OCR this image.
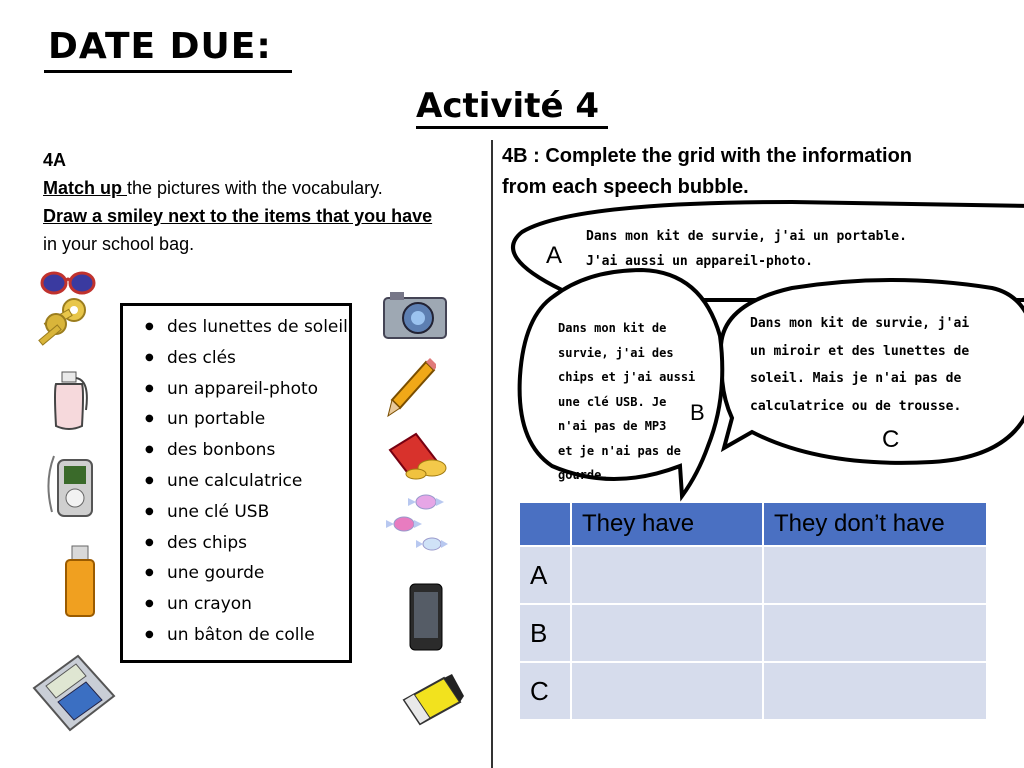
DATE DUE:
Activité 4
4A
Match up the pictures with the vocabulary.
Draw a smiley next to the items that you have
in your school bag.
● des lunettes de soleil
● des clés
● un appareil-photo
● un portable
● des bonbons
● une calculatrice
● une clé USB
● des chips
● une gourde
● un crayon
● un bâton de colle
4B : Complete the grid with the information
from each speech bubble.
A
Dans mon kit de survie, j'ai un portable.
J'ai aussi un appareil-photo.
Dans mon kit de
survie, j'ai des
chips et j'ai aussi
une clé USB. Je
n'ai pas de MP3
et je n'ai pas de
gourde.
B
Dans mon kit de survie, j'ai
un miroir et des lunettes de
soleil. Mais je n'ai pas de
calculatrice ou de trousse.
C
	They have	They don’t have
A		
B		
C		
